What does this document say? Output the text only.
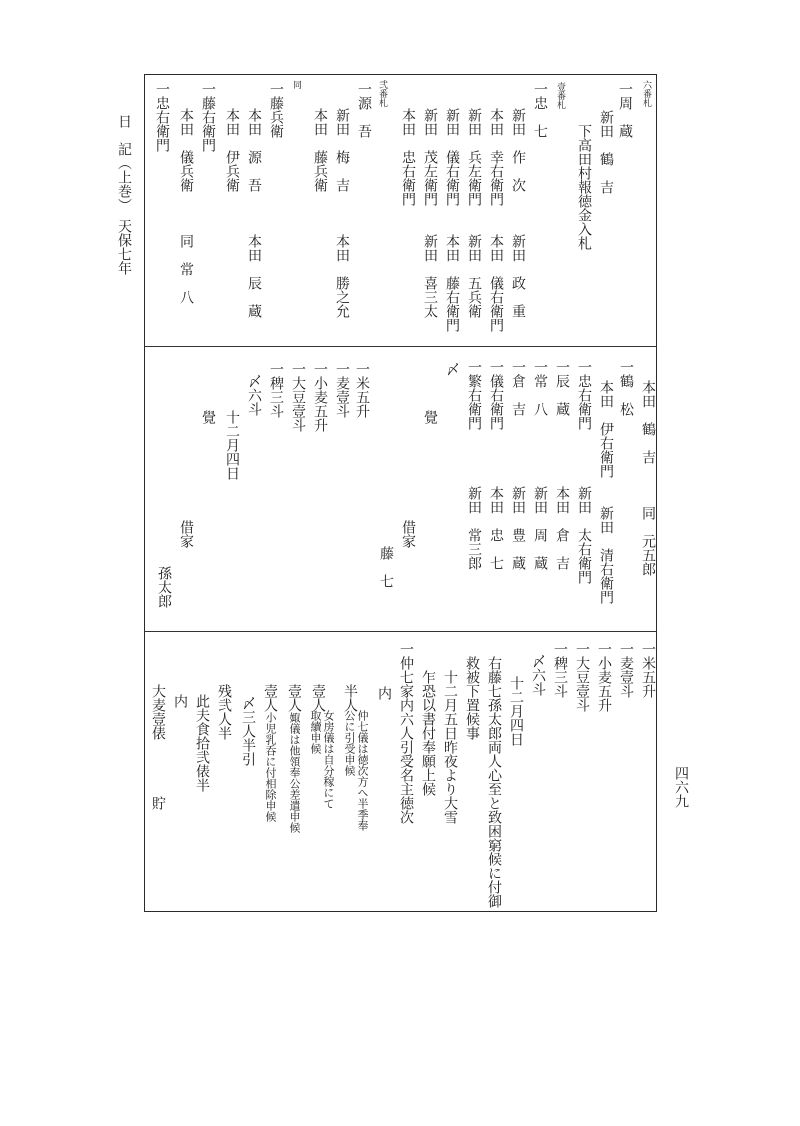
日　記（上巻）　天保七年
四六九
六番札
一周　蔵
新田　鶴　吉
下高田村報徳金入札
壹番札
一忠　七
新田　作　次　　　新田　政　重
本田　幸右衛門　　本田　儀右衛門
新田　兵左衛門　　新田　五兵衛
新田　儀右衛門　　本田　藤右衛門
新田　茂左衛門　　新田　喜三太
本田　忠右衛門
弐番札
一源　吾
新田　梅　吉　　　本田　勝之允
本田　藤兵衛
同
一藤兵衛
本田　源　吾　　　本田　辰　蔵
本田　伊兵衛
一藤右衛門
本田　儀兵衛　　　同　常　八
一忠右衛門
本田　鶴　吉　　　同　元五郎
一鶴　松
本田　伊右衛門　　新田　清右衛門
一忠右衛門　　　　新田　太右衛門
一辰　蔵　　　　　本田　倉　吉
一常　八　　　　　新田　周　蔵
一倉　吉　　　　　新田　豊　蔵
一儀右衛門　　　　本田　忠　七
一繁右衛門　　　　新田　常三郎
〆
覺
借家
藤　七
一米五升
一麦壹斗
一小麦五升
一大豆壹斗
一稗三斗
〆六斗
十二月四日
覺
借家
孫太郎
一米五升
一麦壹斗
一小麦五升
一大豆壹斗
一稗三斗
〆六斗
十二月四日
右藤七孫太郎両人心至と致困窮候に付御
救被下置候事
十二月五日昨夜より大雪
乍恐以書付奉願上候
一仲七家内六人引受名主徳次
内
半人
仲七儀は徳次方へ半季奉
公に引受申候
壹人
女房儀は自分稼にて
取續申候
壹人
娵儀は他領奉公差遣申候
壹人
小児乳呑に付相除申候
〆三人半引
残弐人半
此夫食拾弐俵半
内
大麦壹俵
貯
